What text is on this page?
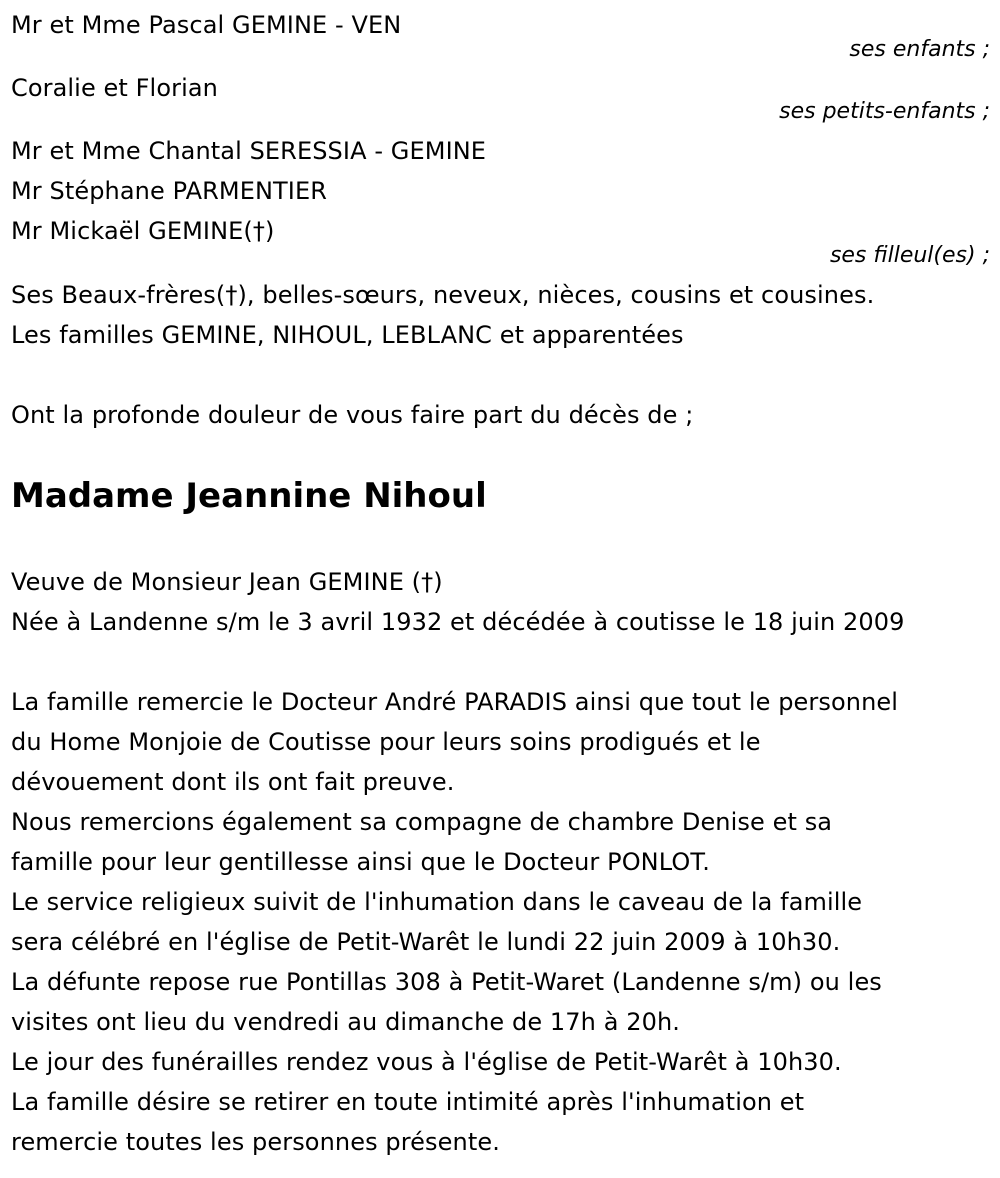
Mr et Mme Pascal GEMINE - VEN
ses enfants ;
Coralie et Florian
ses petits-enfants ;
Mr et Mme Chantal SERESSIA - GEMINE
Mr Stéphane PARMENTIER
Mr Mickaël GEMINE(†)
ses filleul(es) ;
Ses Beaux-frères(†), belles-sœurs, neveux, nièces, cousins et cousines.
Les familles GEMINE, NIHOUL, LEBLANC et apparentées
Ont la profonde douleur de vous faire part du décès de ;
Madame Jeannine Nihoul
Veuve de Monsieur Jean GEMINE (†)
Née à Landenne s/m le 3 avril 1932 et décédée à coutisse le 18 juin 2009
La famille remercie le Docteur André PARADIS ainsi que tout le personnel
du Home Monjoie de Coutisse pour leurs soins prodigués et le
dévouement dont ils ont fait preuve.
Nous remercions également sa compagne de chambre Denise et sa
famille pour leur gentillesse ainsi que le Docteur PONLOT.
Le service religieux suivit de l'inhumation dans le caveau de la famille
sera célébré en l'église de Petit-Warêt le lundi 22 juin 2009 à 10h30.
La défunte repose rue Pontillas 308 à Petit-Waret (Landenne s/m) ou les
visites ont lieu du vendredi au dimanche de 17h à 20h.
Le jour des funérailles rendez vous à l'église de Petit-Warêt à 10h30.
La famille désire se retirer en toute intimité après l'inhumation et
remercie toutes les personnes présente.
